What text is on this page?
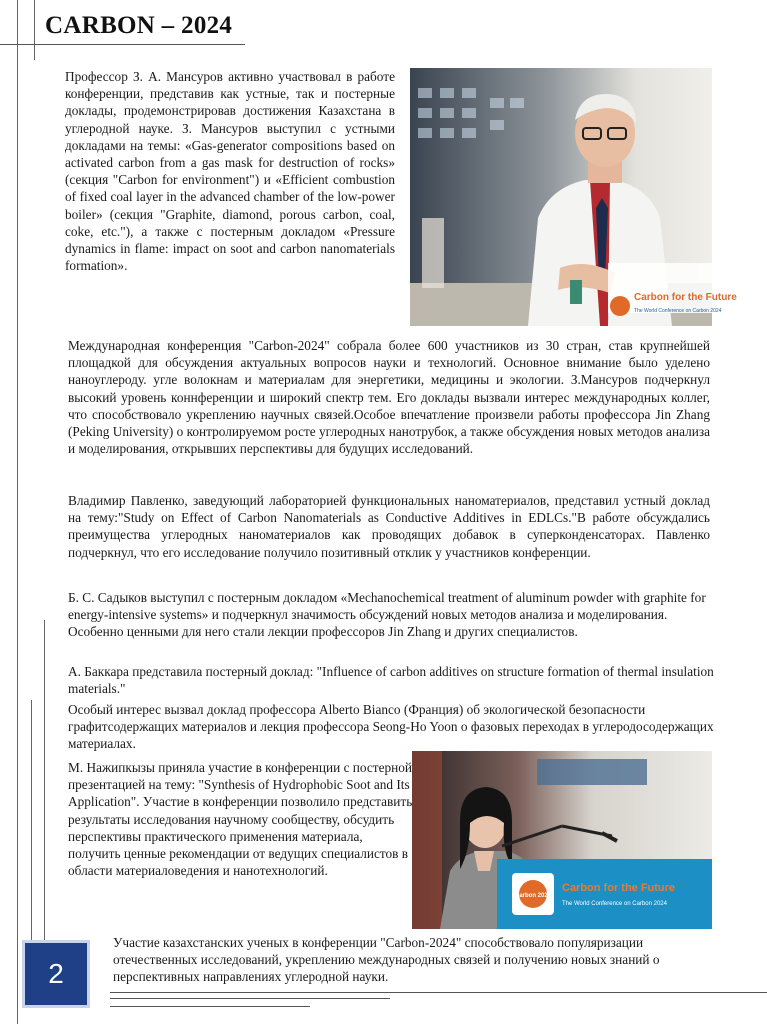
CARBON – 2024

Профессор З. А. Мансуров активно участвовал в работе конференции, представив как устные, так и постерные доклады, продемонстрировав достижения Казахстана в углеродной науке. З. Мансуров выступил с устными докладами на темы: «Gas-generator compositions based on activated carbon from a gas mask for destruction of rocks» (секция "Carbon for environment") и «Efficient combustion of fixed coal layer in the advanced chamber of the low-power boiler» (секция "Graphite, diamond, porous carbon, coal, coke, etc."), а также с постерным докладом «Pressure dynamics in flame: impact on soot and carbon nanomaterials formation».

Carbon for the Future
The World Conference on Carbon 2024

Международная конференция "Carbon-2024" собрала более 600 участников из 30 стран, став крупнейшей площадкой для обсуждения актуальных вопросов науки и технологий. Основное внимание было уделено наноуглероду. угле волокнам и материалам для энергетики, медицины и экологии. З.Мансуров подчеркнул высокий уровень коннференции и широкий спектр тем. Его доклады вызвали интерес международных коллег, что способствовало укреплению научных связей.Особое впечатление произвели работы профессора Jin Zhang (Peking University) о контролируемом росте углеродных нанотрубок, а также обсуждения новых методов анализа и моделирования, открывших перспективы для будущих исследований.

Владимир Павленко, заведующий лабораторией функциональных наноматериалов, представил устный доклад на тему:"Study on Effect of Carbon Nanomaterials as Conductive Additives in EDLCs."В работе обсуждались преимущества углеродных наноматериалов как проводящих добавок в суперконденсаторах. Павленко подчеркнул, что его исследование получило позитивный отклик у участников конференции.

Б. С. Садыков выступил с постерным докладом «Mechanochemical treatment of aluminum powder with graphite for energy-intensive systems» и подчеркнул значимость обсуждений новых методов анализа и моделирования. Особенно ценными для него стали лекции профессоров Jin Zhang и других специалистов.

А. Баккара представила постерный доклад: "Influence of carbon additives on structure formation of thermal insulation materials."

Особый интерес вызвал доклад профессора Alberto Bianco (Франция) об экологической безопасности графитсодержащих материалов и лекция профессора Seong-Ho Yoon о фазовых переходах в углеродосодержащих материалах.

М. Нажипкызы приняла участие в конференции с постерной презентацией на тему: "Synthesis of Hydrophobic Soot and Its Application". Участие в конференции позволило представить результаты исследования научному сообществу, обсудить перспективы практического применения материала, получить ценные рекомендации от ведущих специалистов в области материаловедения и нанотехнологий.

Carbon 2024
Carbon for the Future
The World Conference on Carbon 2024

Участие казахстанских ученых в конференции "Carbon-2024" способствовало популяризации отечественных исследований, укреплению международных связей и получению новых знаний о перспективных направлениях углеродной науки.

2
